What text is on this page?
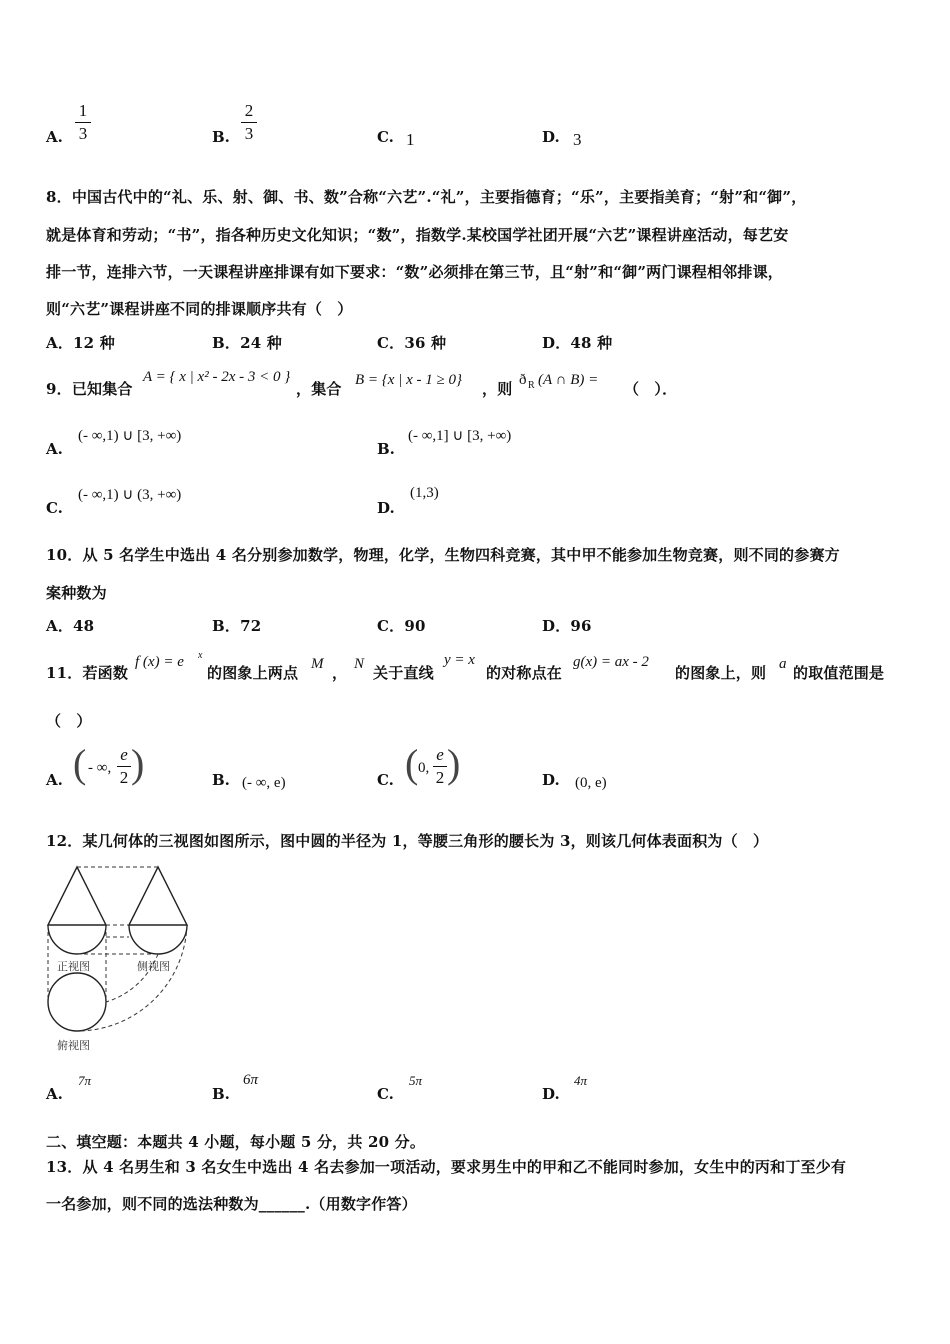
A.
1
3	B.
2
3	C. 1	D. 3
8．中国古代中的“礼、乐、射、御、书、数”合称“六艺”.“礼”，主要指德育；“乐”，主要指美育；“射”和“御”，
就是体育和劳动；“书”，指各种历史文化知识；“数”，指数学.某校国学社团开展“六艺”课程讲座活动，每艺安
排一节，连排六节，一天课程讲座排课有如下要求：“数”必须排在第三节，且“射”和“御”两门课程相邻排课，
则“六艺”课程讲座不同的排课顺序共有（　）
A．12 种	B．24 种	C．36 种	D．48 种
9．已知集合
A = { x | x² - 2x - 3 < 0 }
，集合 B = {x | x - 1 ≥ 0} ，则 ð R (A ∩ B) = （　）．
A.
(- ∞,1) ∪ [3, +∞)
B.
(- ∞,1] ∪ [3, +∞)
C.
(- ∞,1) ∪ (3, +∞)
D.
(1,3)
10．从 5 名学生中选出 4 名分别参加数学，物理，化学，生物四科竞赛，其中甲不能参加生物竞赛，则不同的参赛方
案种数为
A．48	B．72	C．90	D．96
11．若函数
f (x) = e x
的图象上两点 M ， N 关于直线
y = x
的对称点在
g(x) = ax - 2
的图象上，则 a 的取值范围是
（　）
A. ( - ∞,
e
2 )	B. (- ∞, e)	C. ( 0,
e
2 )	D. (0, e)
12．某几何体的三视图如图所示，图中圆的半径为 1，等腰三角形的腰长为 3，则该几何体表面积为（　）
正视图	侧视图
俯视图
A.
7π
B.
6π
C.
5π
D.
4π
二、填空题：本题共 4 小题，每小题 5 分，共 20 分。
13．从 4 名男生和 3 名女生中选出 4 名去参加一项活动，要求男生中的甲和乙不能同时参加，女生中的丙和丁至少有
一名参加，则不同的选法种数为______.（用数字作答）
